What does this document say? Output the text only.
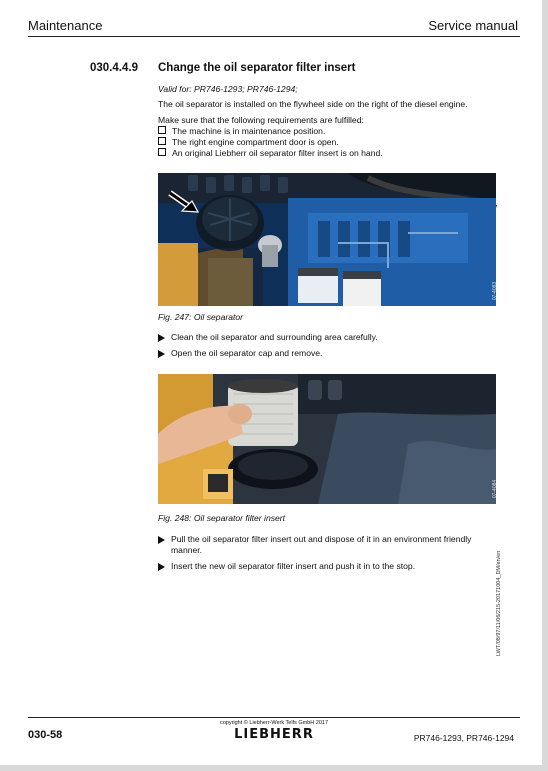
Maintenance	Service manual
030.4.4.9 Change the oil separator filter insert
Valid for: PR746-1293; PR746-1294;
The oil separator is installed on the flywheel side on the right of the diesel engine.
Make sure that the following requirements are fulfilled:
The machine is in maintenance position.
The right engine compartment door is open.
An original Liebherr oil separator filter insert is on hand.
07-4083
Fig. 247: Oil separator
Clean the oil separator and surrounding area carefully.
Open the oil separator cap and remove.
07-4084
Fig. 248: Oil separator filter insert
Pull the oil separator filter insert out and dispose of it in an environment friendly manner.
Insert the new oil separator filter insert and push it in to the stop.	LWT/08/97/11/06/215-20171004_DM/en/en
030-58
copyright © Liebherr-Werk Telfs GmbH 2017
LIEBHERR	PR746-1293, PR746-1294
